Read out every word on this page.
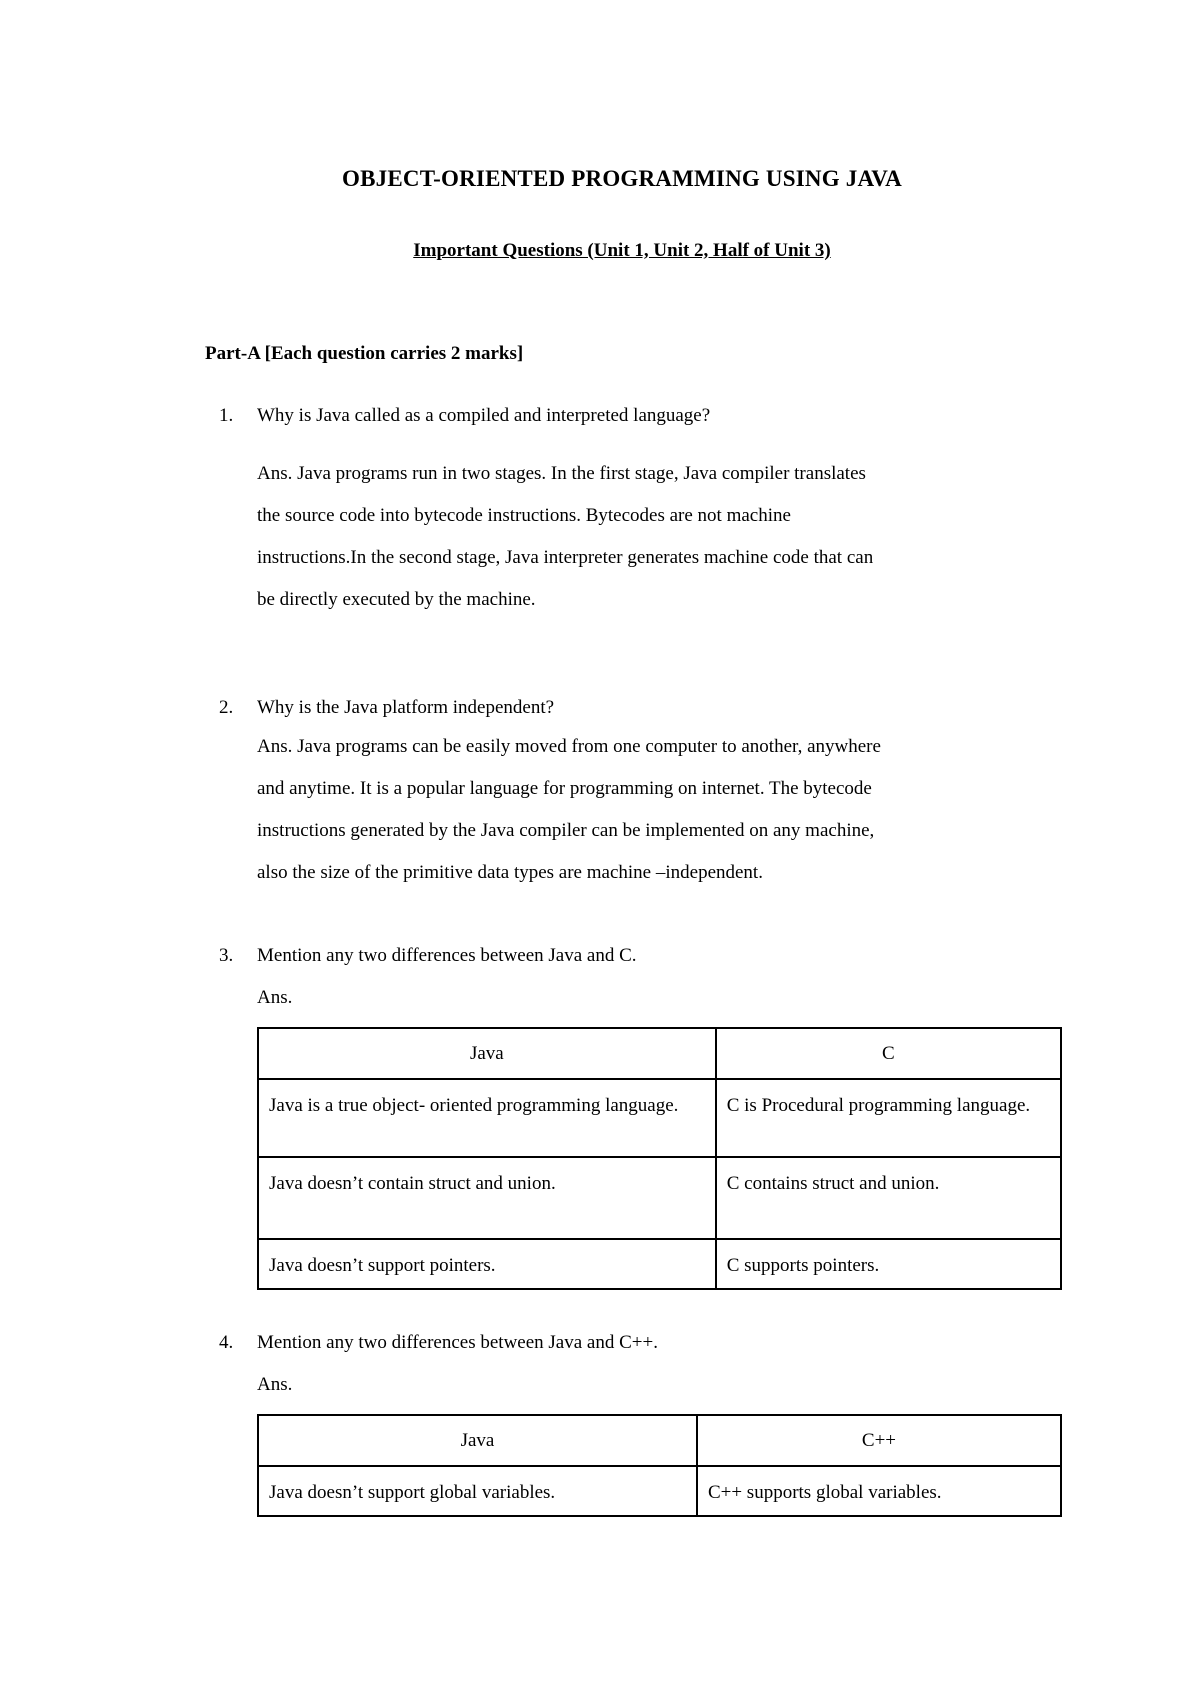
OBJECT-ORIENTED PROGRAMMING USING JAVA
Important Questions (Unit 1, Unit 2, Half of Unit 3)
Part-A [Each question carries 2 marks]
1. Why is Java called as a compiled and interpreted language?

Ans. Java programs run in two stages. In the first stage, Java compiler translates

the source code into bytecode instructions. Bytecodes are not machine

instructions.In the second stage, Java interpreter generates machine code that can

be directly executed by the machine.

2. Why is the Java platform independent?

Ans. Java programs can be easily moved from one computer to another, anywhere

and anytime. It is a popular language for programming on internet. The bytecode

instructions generated by the Java compiler can be implemented on any machine,

also the size of the primitive data types are machine –independent.

3. Mention any two differences between Java and C.
Ans.
Java	C
Java is a true object- oriented programming language.	C is Procedural programming language.
Java doesn’t contain struct and union.	C contains struct and union.
Java doesn’t support pointers.	C supports pointers.
4. Mention any two differences between Java and C++.
Ans.
Java	C++
Java doesn’t support global variables.	C++ supports global variables.
